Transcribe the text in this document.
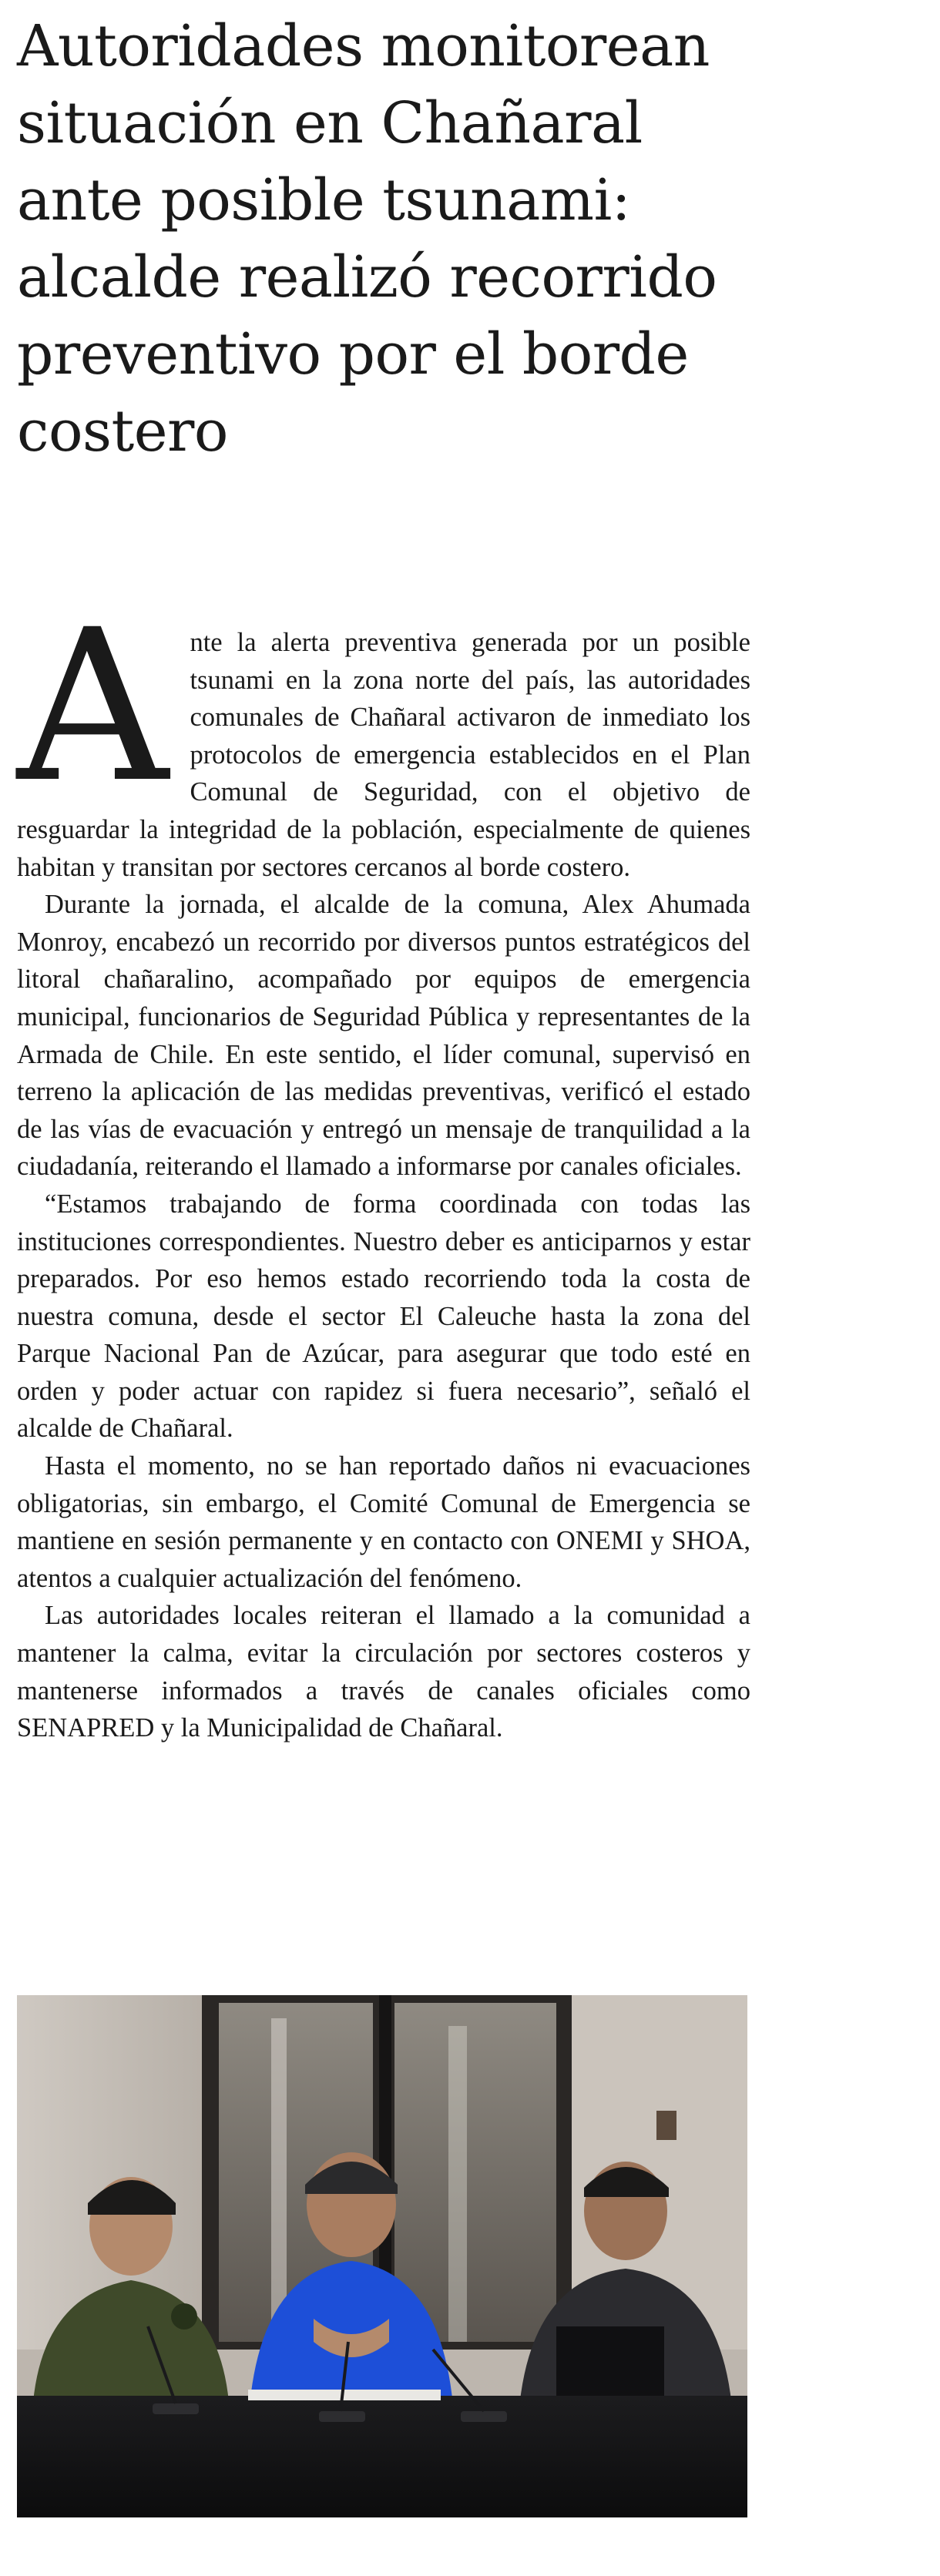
Autoridades monitorean situación en Chañaral ante posible tsunami: alcalde realizó recorrido preventivo por el borde costero

Ante la alerta preventiva generada por un posible tsunami en la zona norte del país, las autoridades comunales de Chañaral activaron de inmediato los protocolos de emergencia establecidos en el Plan Comunal de Seguridad, con el objetivo de resguardar la integridad de la población, especialmente de quienes habitan y transitan por sectores cercanos al borde costero.

Durante la jornada, el alcalde de la comuna, Alex Ahumada Monroy, encabezó un recorrido por diversos puntos estratégicos del litoral chañaralino, acompañado por equipos de emergencia municipal, funcionarios de Seguridad Pública y representantes de la Armada de Chile. En este sentido, el líder comunal, supervisó en terreno la aplicación de las medidas preventivas, verificó el estado de las vías de evacuación y entregó un mensaje de tranquilidad a la ciudadanía, reiterando el llamado a informarse por canales oficiales.

“Estamos trabajando de forma coordinada con todas las instituciones correspondientes. Nuestro deber es anticiparnos y estar preparados. Por eso hemos estado recorriendo toda la costa de nuestra comuna, desde el sector El Caleuche hasta la zona del Parque Nacional Pan de Azúcar, para asegurar que todo esté en orden y poder actuar con rapidez si fuera necesario”, señaló el alcalde de Chañaral.

Hasta el momento, no se han reportado daños ni evacuaciones obligatorias, sin embargo, el Comité Comunal de Emergencia se mantiene en sesión permanente y en contacto con ONEMI y SHOA, atentos a cualquier actualización del fenómeno.

Las autoridades locales reiteran el llamado a la comunidad a mantener la calma, evitar la circulación por sectores costeros y mantenerse informados a través de canales oficiales como SENAPRED y la Municipalidad de Chañaral.
